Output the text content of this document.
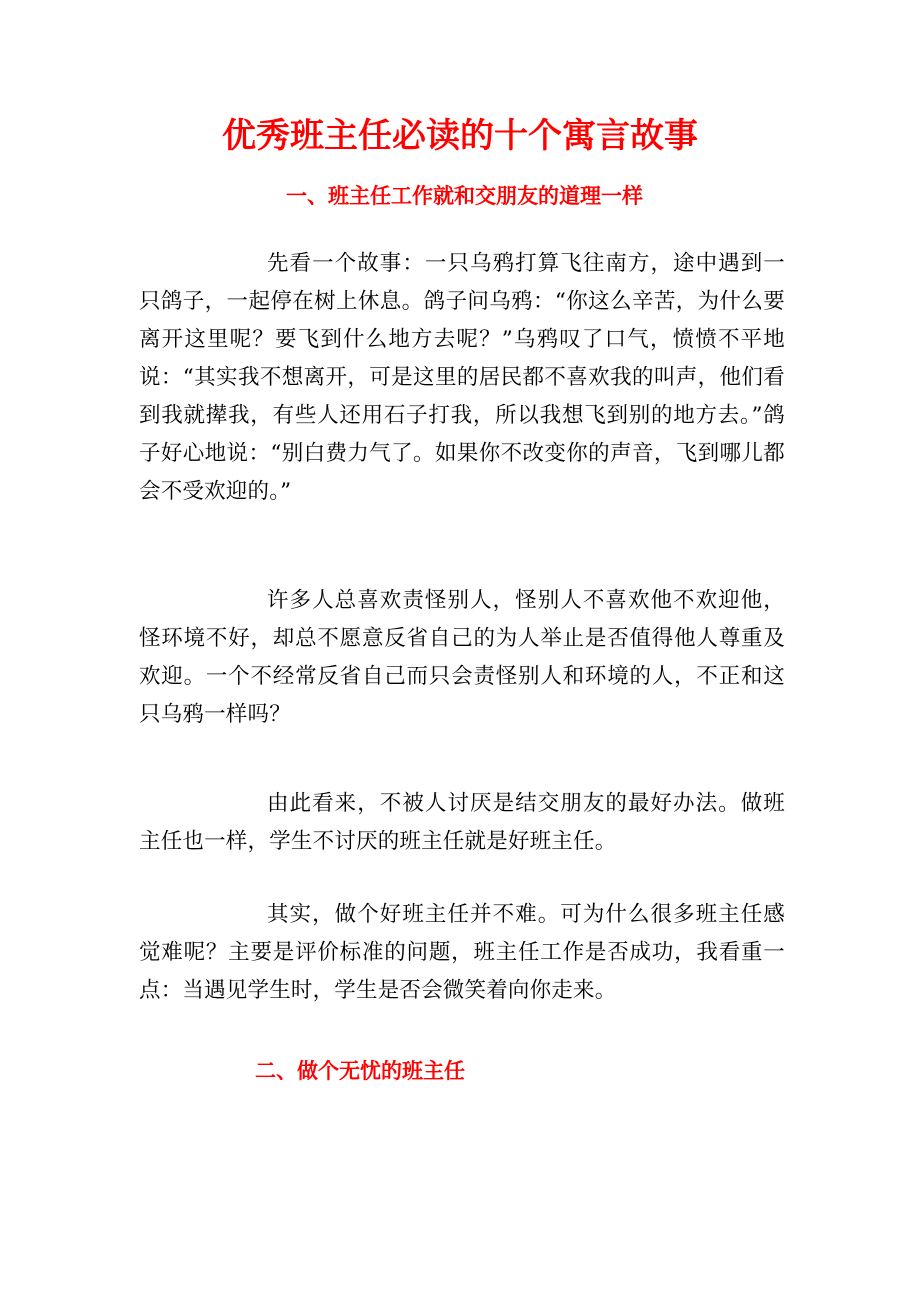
优秀班主任必读的十个寓言故事
一、班主任工作就和交朋友的道理一样

先看一个故事：一只乌鸦打算飞往南方，途中遇到一只鸽子，一起停在树上休息。鸽子问乌鸦：“你这么辛苦，为什么要离开这里呢？要飞到什么地方去呢？”乌鸦叹了口气，愤愤不平地说：“其实我不想离开，可是这里的居民都不喜欢我的叫声，他们看到我就撵我，有些人还用石子打我，所以我想飞到别的地方去。”鸽子好心地说：“别白费力气了。如果你不改变你的声音，飞到哪儿都会不受欢迎的。”

许多人总喜欢责怪别人，怪别人不喜欢他不欢迎他，怪环境不好，却总不愿意反省自己的为人举止是否值得他人尊重及欢迎。一个不经常反省自己而只会责怪别人和环境的人，不正和这只乌鸦一样吗？

由此看来，不被人讨厌是结交朋友的最好办法。做班主任也一样，学生不讨厌的班主任就是好班主任。

其实，做个好班主任并不难。可为什么很多班主任感觉难呢？主要是评价标准的问题，班主任工作是否成功，我看重一点：当遇见学生时，学生是否会微笑着向你走来。

二、做个无忧的班主任
